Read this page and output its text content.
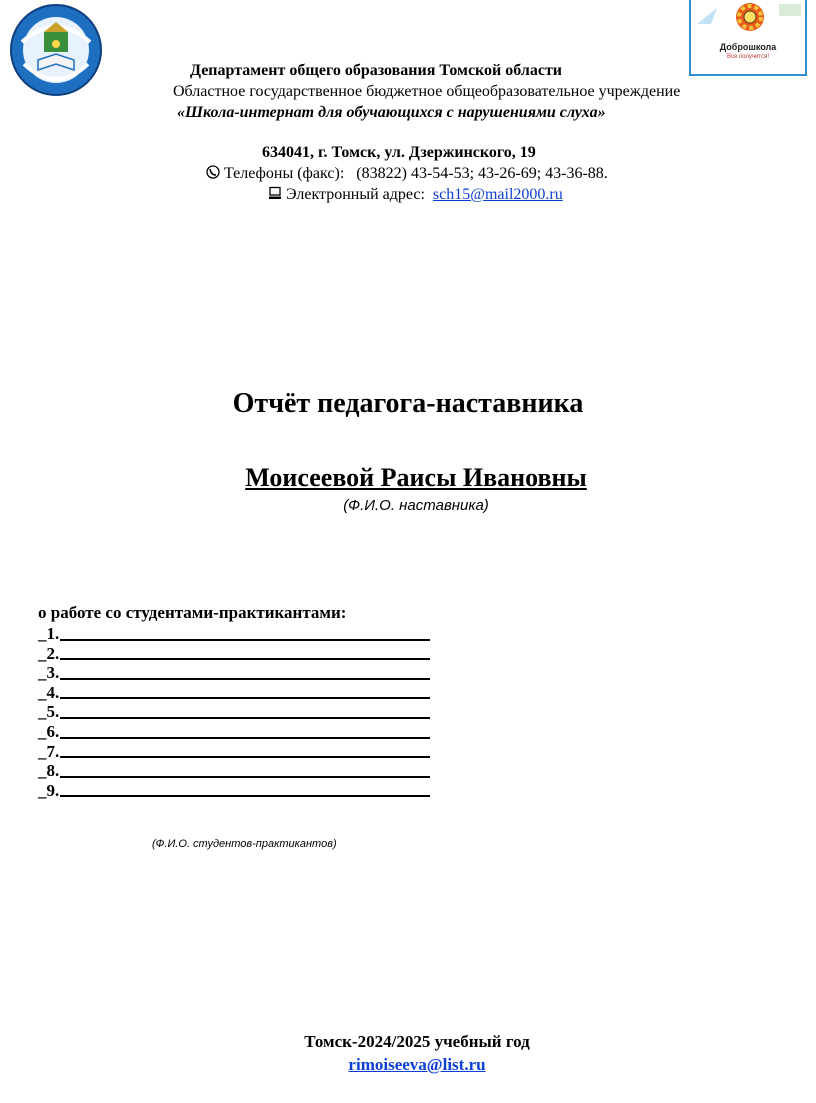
Доброшкола
Все получится!
Департамент общего образования Томской области
Областное государственное бюджетное общеобразовательное учреждение
«Школа-интернат для обучающихся с нарушениями слуха»
634041, г. Томск, ул. Дзержинского, 19
Телефоны (факс): (83822) 43-54-53; 43-26-69; 43-36-88.
Электронный адрес: sch15@mail2000.ru
Отчёт педагога-наставника
Моисеевой Раисы Ивановны
(Ф.И.О. наставника)
о работе со студентами-практикантами:
_1.
_2.
_3.
_4.
_5.
_6.
_7.
_8.
_9.
(Ф.И.О. студентов-практикантов)
Томск-2024/2025 учебный год
rimoiseeva@list.ru
